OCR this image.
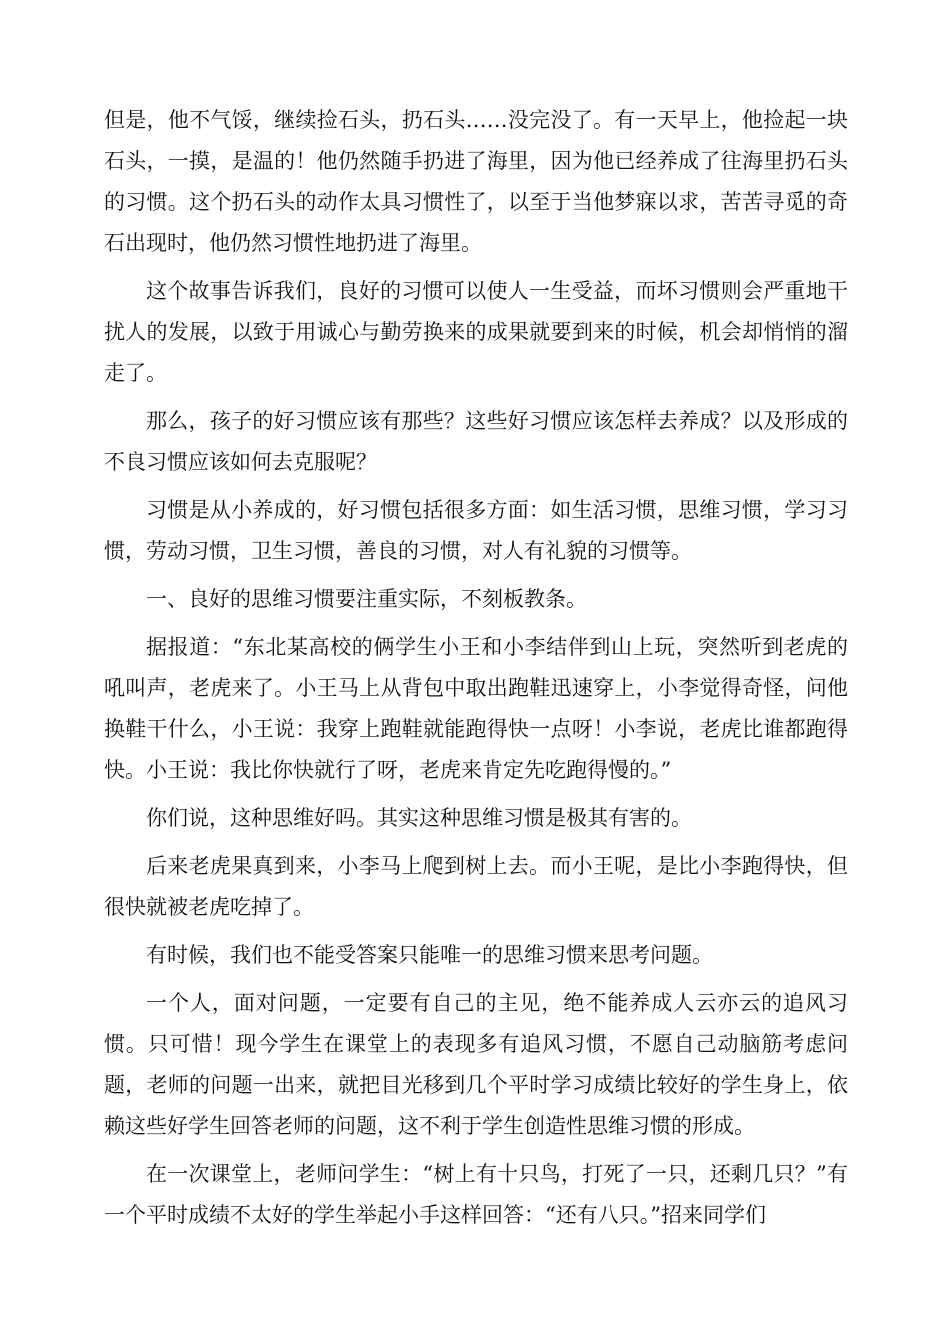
但是，他不气馁，继续捡石头，扔石头……没完没了。有一天早上，他捡起一块石头，一摸，是温的！他仍然随手扔进了海里，因为他已经养成了往海里扔石头的习惯。这个扔石头的动作太具习惯性了，以至于当他梦寐以求，苦苦寻觅的奇石出现时，他仍然习惯性地扔进了海里。

这个故事告诉我们，良好的习惯可以使人一生受益，而坏习惯则会严重地干扰人的发展，以致于用诚心与勤劳换来的成果就要到来的时候，机会却悄悄的溜走了。

那么，孩子的好习惯应该有那些？这些好习惯应该怎样去养成？以及形成的不良习惯应该如何去克服呢？

习惯是从小养成的，好习惯包括很多方面：如生活习惯，思维习惯，学习习惯，劳动习惯，卫生习惯，善良的习惯，对人有礼貌的习惯等。

一、良好的思维习惯要注重实际，不刻板教条。

据报道：“东北某高校的俩学生小王和小李结伴到山上玩，突然听到老虎的吼叫声，老虎来了。小王马上从背包中取出跑鞋迅速穿上，小李觉得奇怪，问他换鞋干什么，小王说：我穿上跑鞋就能跑得快一点呀！小李说，老虎比谁都跑得快。小王说：我比你快就行了呀，老虎来肯定先吃跑得慢的。”

你们说，这种思维好吗。其实这种思维习惯是极其有害的。

后来老虎果真到来，小李马上爬到树上去。而小王呢，是比小李跑得快，但很快就被老虎吃掉了。

有时候，我们也不能受答案只能唯一的思维习惯来思考问题。

一个人，面对问题，一定要有自己的主见，绝不能养成人云亦云的追风习惯。只可惜！现今学生在课堂上的表现多有追风习惯，不愿自己动脑筋考虑问题，老师的问题一出来，就把目光移到几个平时学习成绩比较好的学生身上，依赖这些好学生回答老师的问题，这不利于学生创造性思维习惯的形成。

在一次课堂上，老师问学生：“树上有十只鸟，打死了一只，还剩几只？”有一个平时成绩不太好的学生举起小手这样回答：“还有八只。”招来同学们
